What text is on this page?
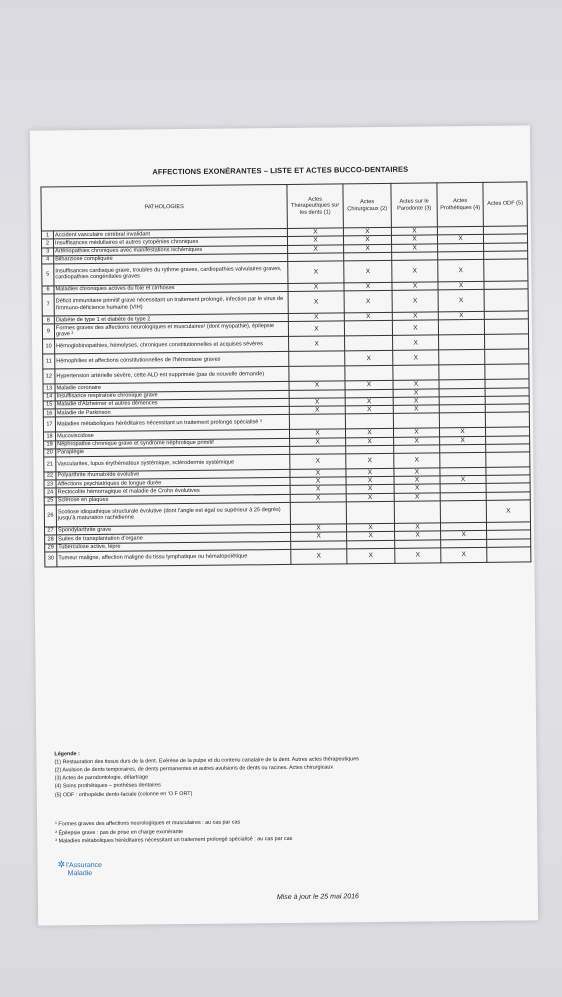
AFFECTIONS EXONÉRANTES – LISTE ET ACTES BUCCO-DENTAIRES
PATHOLOGIES		Actes Thérapeutiques sur les dents (1)	Actes Chirurgicaux (2)	Actes sur le Parodonte (3)	Actes Prothétiques (4)	Actes ODF (5)
1	Accident vasculaire cérébral invalidant	X	X	X		
2	Insuffisances médullaires et autres cytopénies chroniques	X	X	X	X	
3	Artériopathies chroniques avec manifestations ischémiques	X	X	X		
4	Bilharziose compliquée					
5	Insuffisances cardiaque grave, troubles du rythme graves, cardiopathies valvulaires graves, cardiopathies congénitales graves	X	X	X	X	
6	Maladies chroniques actives du foie et cirrhoses	X	X	X	X	
7	Déficit immunitaire primitif grave nécessitant un traitement prolongé, infection par le virus de l'immuno-déficience humaine (VIH)	X	X	X	X	
8	Diabète de type 1 et diabète de type 2	X	X	X	X	
9	Formes graves des affections neurologiques et musculaires¹ (dont myopathie), épilepsie grave ²	X		X		
10	Hémoglobinopathies, hémolyses, chroniques constitutionnelles et acquises sévères	X		X		
11	Hémophilies et affections constitutionnelles de l'hémostase graves		X	X		
12	Hypertension artérielle sévère, cette ALD est supprimée (pas de nouvelle demande)					
13	Maladie coronaire	X	X	X		
14	Insuffisance respiratoire chronique grave			X		
15	Maladie d'Alzheimer et autres démences	X	X	X		
16	Maladie de Parkinson	X	X	X		
17	Maladies métaboliques héréditaires nécessitant un traitement prolongé spécialisé ³					
18	Mucoviscidose	X	X	X	X	
19	Néphropathie chronique grave et syndrome néphrotique primitif	X	X	X	X	
20	Paraplégie					
21	Vascularites, lupus érythémateux systémique, sclérodermie systémique	X	X	X		
22	Polyarthrite rhumatoïde évolutive	X	X	X		
23	Affections psychiatriques de longue durée	X	X	X	X	
24	Rectocolite hémorragique et maladie de Crohn évolutives	X	X	X		
25	Sclérose en plaques	X	X	X		
26	Scoliose idiopathique structurale évolutive (dont l'angle est égal ou supérieur à 25 degrés) jusqu'à maturation rachidienne					X
27	Spondylarthrite grave	X	X	X		
28	Suites de transplantation d'organe	X	X	X	X	
29	Tuberculose active, lèpre					
30	Tumeur maligne, affection maligne du tissu lymphatique ou hématopoïétique	X	X	X	X	
Légende :
(1) Restauration des tissus durs de la dent. Exérèse de la pulpe et du contenu canalaire de la dent. Autres actes thérapeutiques
(2) Avulsion de dents temporaires, de dents permanentes et autres avulsions de dents ou racines. Actes chirurgicaux
(3) Actes de parodontologie, détartrage
(4) Soins prothétiques – prothèses dentaires
(5) ODF : orthopédie dento-faciale (colonne en 'O F ORT)
¹ Formes graves des affections neurologiques et musculaires : au cas par cas
² Épilepsie grave : pas de prise en charge exonérante
³ Maladies métaboliques héréditaires nécessitant un traitement prolongé spécialisé : au cas par cas
✲l'Assurance
Maladie
Mise à jour le 25 mai 2016
